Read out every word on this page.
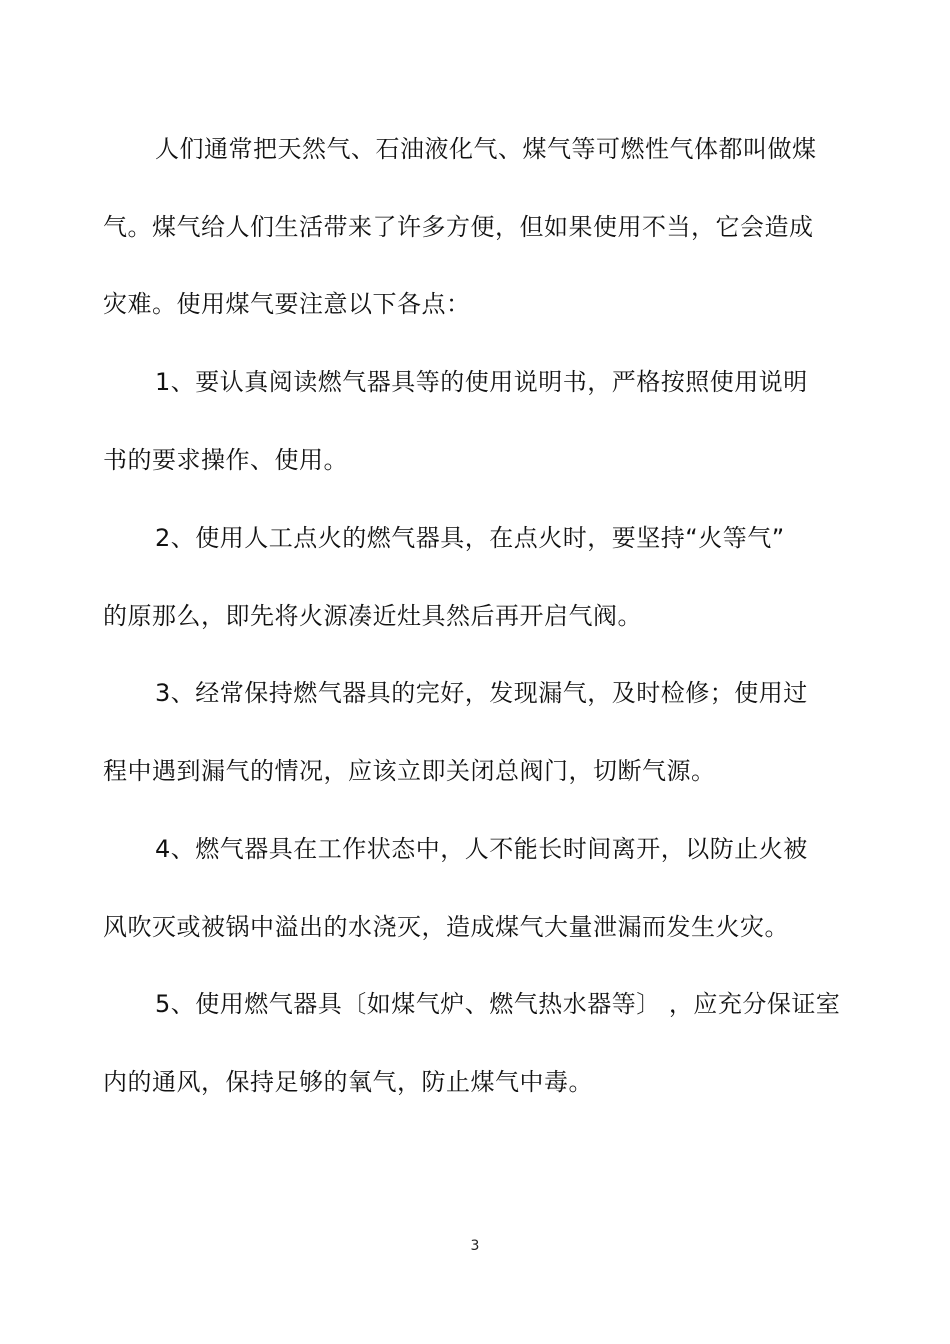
人们通常把天然气、石油液化气、煤气等可燃性气体都叫做煤
气。煤气给人们生活带来了许多方便，但如果使用不当，它会造成
灾难。使用煤气要注意以下各点：
1、要认真阅读燃气器具等的使用说明书，严格按照使用说明
书的要求操作、使用。
2、使用人工点火的燃气器具，在点火时，要坚持“火等气”
的原那么，即先将火源凑近灶具然后再开启气阀。
3、经常保持燃气器具的完好，发现漏气，及时检修；使用过
程中遇到漏气的情况，应该立即关闭总阀门，切断气源。
4、燃气器具在工作状态中，人不能长时间离开，以防止火被
风吹灭或被锅中溢出的水浇灭，造成煤气大量泄漏而发生火灾。
5、使用燃气器具〔如煤气炉、燃气热水器等〕 ，应充分保证室
内的通风，保持足够的氧气，防止煤气中毒。
3
